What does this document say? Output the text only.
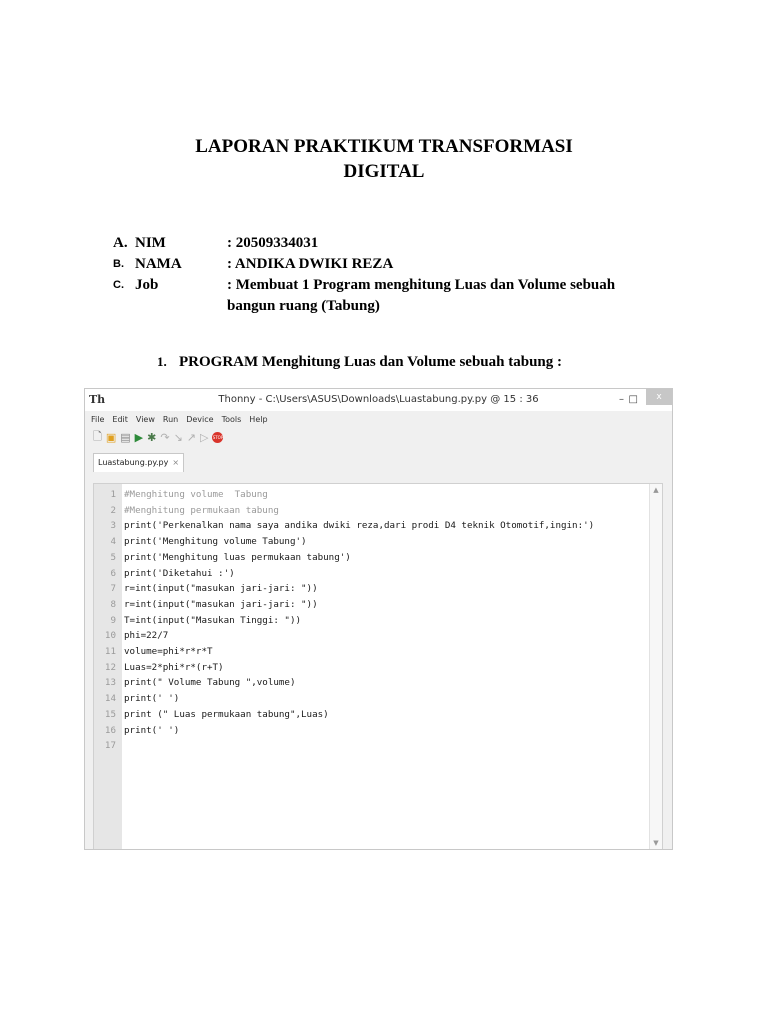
LAPORAN PRAKTIKUM TRANSFORMASI
DIGITAL
A. NIM	: 20509334031
B. NAMA	: ANDIKA DWIKI REZA
C. Job	: Membuat 1 Program menghitung Luas dan Volume sebuah bangun ruang (Tabung)
1. PROGRAM Menghitung Luas dan Volume sebuah tabung :
Th	Thonny - C:\Users\ASUS\Downloads\Luastabung.py.py @ 15 : 36	– □	x
File Edit View Run Device Tools Help
🗋 ▣ ▤ ▶ ✱ ↷ ↘ ↗ ▷ STOP
Luastabung.py.py ×
▲
▼
1 #Menghitung volume  Tabung
2 #Menghitung permukaan tabung
3 print('Perkenalkan nama saya andika dwiki reza,dari prodi D4 teknik Otomotif,ingin:')
4 print('Menghitung volume Tabung')
5 print('Menghitung luas permukaan tabung')
6 print('Diketahui :')
7 r=int(input("masukan jari-jari: "))
8 r=int(input("masukan jari-jari: "))
9 T=int(input("Masukan Tinggi: "))
10 phi=22/7
11 volume=phi*r*r*T
12 Luas=2*phi*r*(r+T)
13 print(" Volume Tabung ",volume)
14 print(' ')
15 print (" Luas permukaan tabung",Luas)
16 print(' ')
17
